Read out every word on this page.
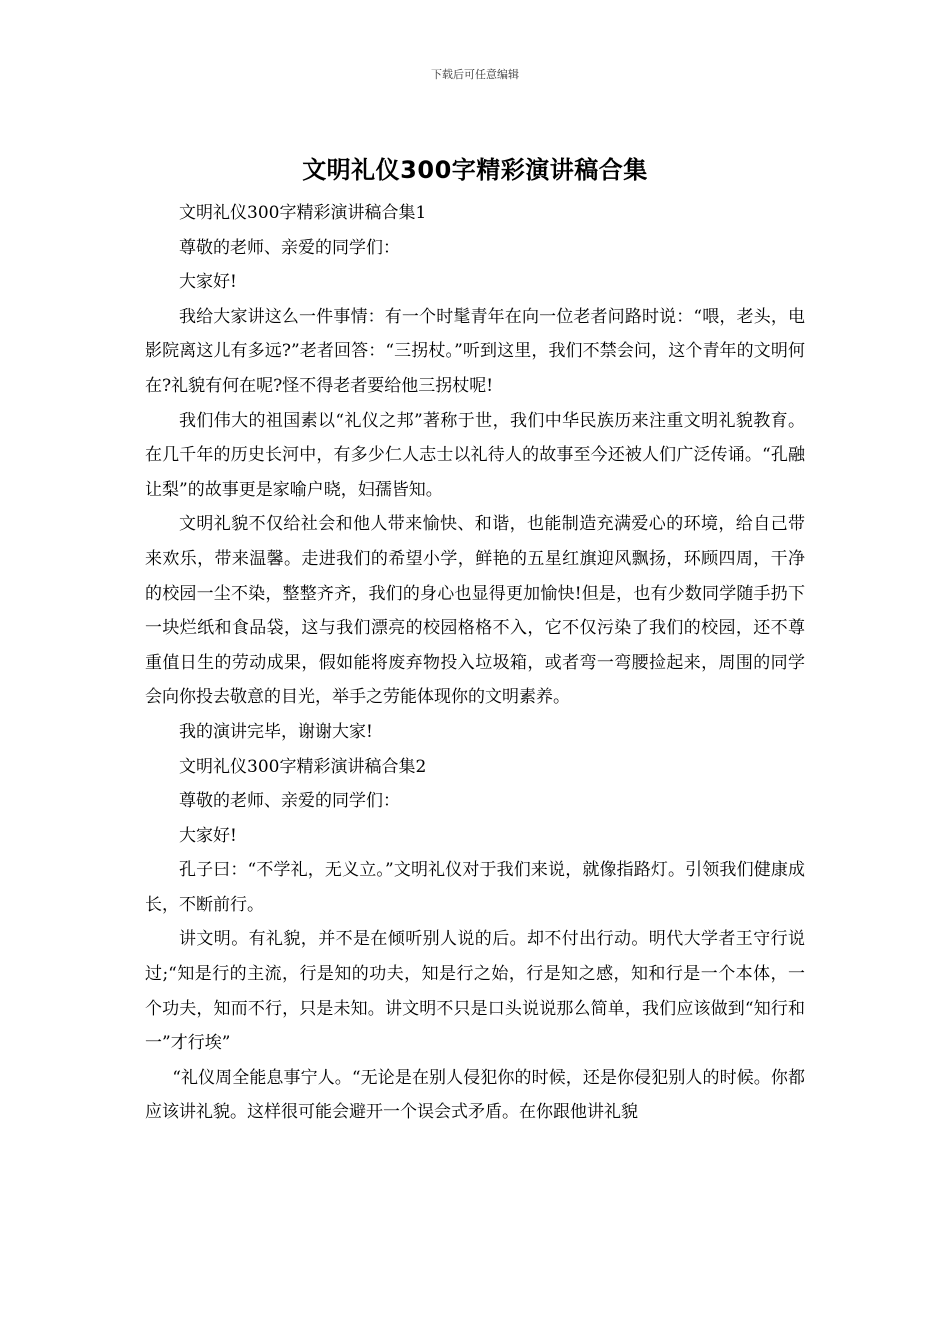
下载后可任意编辑
文明礼仪300字精彩演讲稿合集

文明礼仪300字精彩演讲稿合集1

尊敬的老师、亲爱的同学们：

大家好!

我给大家讲这么一件事情：有一个时髦青年在向一位老者问路时说：“喂，老头，电影院离这儿有多远?”老者回答：“三拐杖。”听到这里，我们不禁会问，这个青年的文明何在?礼貌有何在呢?怪不得老者要给他三拐杖呢!

我们伟大的祖国素以“礼仪之邦”著称于世，我们中华民族历来注重文明礼貌教育。在几千年的历史长河中，有多少仁人志士以礼待人的故事至今还被人们广泛传诵。“孔融让梨”的故事更是家喻户晓，妇孺皆知。

文明礼貌不仅给社会和他人带来愉快、和谐，也能制造充满爱心的环境，给自己带来欢乐，带来温馨。走进我们的希望小学，鲜艳的五星红旗迎风飘扬，环顾四周，干净的校园一尘不染，整整齐齐，我们的身心也显得更加愉快!但是，也有少数同学随手扔下一块烂纸和食品袋，这与我们漂亮的校园格格不入，它不仅污染了我们的校园，还不尊重值日生的劳动成果，假如能将废弃物投入垃圾箱，或者弯一弯腰捡起来，周围的同学会向你投去敬意的目光，举手之劳能体现你的文明素养。

我的演讲完毕，谢谢大家!

文明礼仪300字精彩演讲稿合集2

尊敬的老师、亲爱的同学们：

大家好!

孔子曰：“不学礼，无义立。”文明礼仪对于我们来说，就像指路灯。引领我们健康成长，不断前行。

讲文明。有礼貌，并不是在倾听别人说的后。却不付出行动。明代大学者王守行说过;“知是行的主流，行是知的功夫，知是行之始，行是知之感，知和行是一个本体，一个功夫，知而不行，只是未知。讲文明不只是口头说说那么简单，我们应该做到“知行和一”才行埃”

“礼仪周全能息事宁人。“无论是在别人侵犯你的时候，还是你侵犯别人的时候。你都应该讲礼貌。这样很可能会避开一个误会式矛盾。在你跟他讲礼貌
